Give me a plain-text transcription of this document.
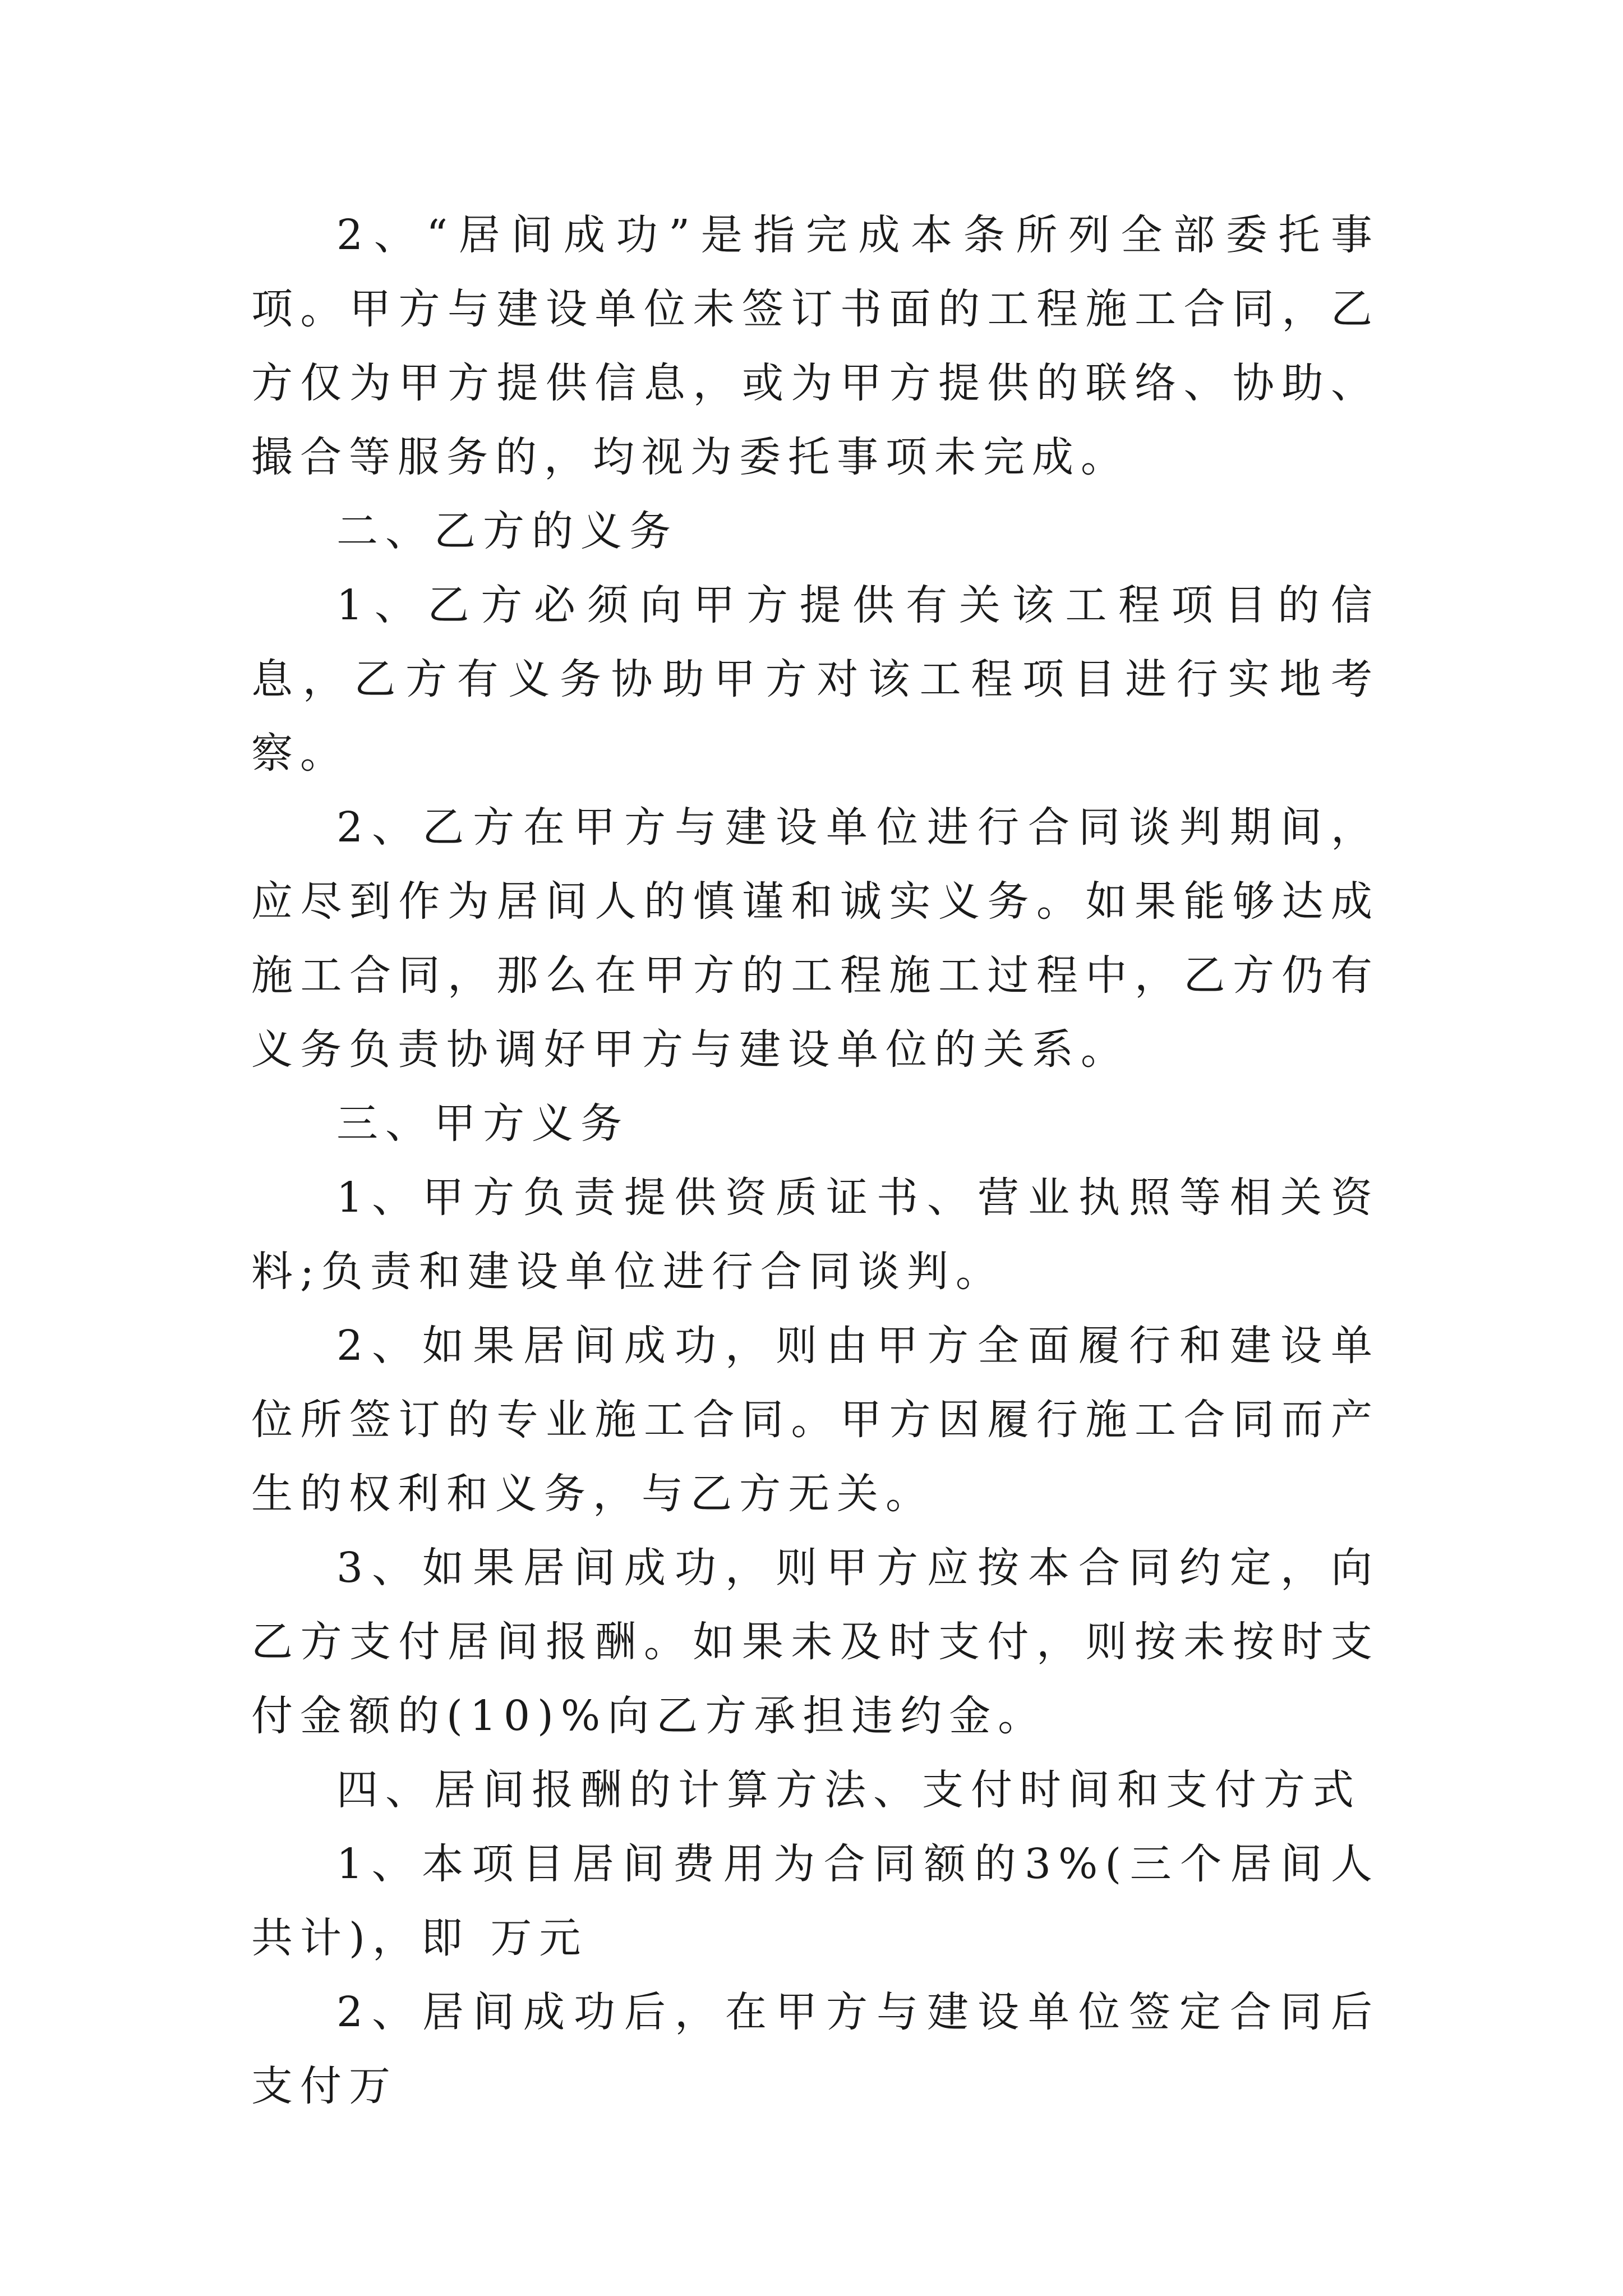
2、“居间成功”是指完成本条所列全部委托事项。甲方与建设单位未签订书面的工程施工合同，乙方仅为甲方提供信息，或为甲方提供的联络、协助、撮合等服务的，均视为委托事项未完成。

二、乙方的义务

1、乙方必须向甲方提供有关该工程项目的信息，乙方有义务协助甲方对该工程项目进行实地考察。

2、乙方在甲方与建设单位进行合同谈判期间，应尽到作为居间人的慎谨和诚实义务。如果能够达成施工合同，那么在甲方的工程施工过程中，乙方仍有义务负责协调好甲方与建设单位的关系。

三、甲方义务

1、甲方负责提供资质证书、营业执照等相关资料;负责和建设单位进行合同谈判。

2、如果居间成功，则由甲方全面履行和建设单位所签订的专业施工合同。甲方因履行施工合同而产生的权利和义务，与乙方无关。

3、如果居间成功，则甲方应按本合同约定，向乙方支付居间报酬。如果未及时支付，则按未按时支付金额的(10)%向乙方承担违约金。

四、居间报酬的计算方法、支付时间和支付方式

1、本项目居间费用为合同额的3%(三个居间人共计)，即 万元

2、居间成功后，在甲方与建设单位签定合同后支付万
